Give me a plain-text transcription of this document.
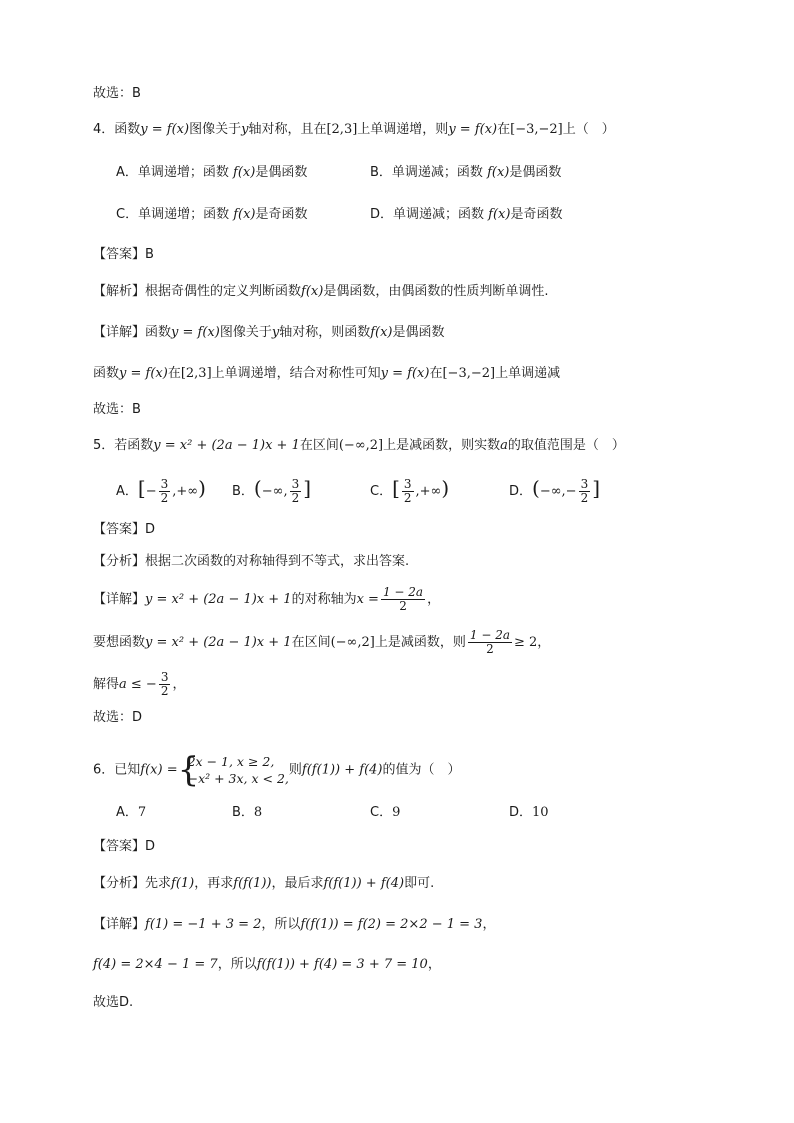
故选：B
4．函数y = f(x)图像关于y轴对称，且在[2,3]上单调递增，则y = f(x)在[−3,−2]上（　）
A．单调递增；函数 f(x)是偶函数	B．单调递减；函数 f(x)是偶函数
C．单调递增；函数 f(x)是奇函数	D．单调递减；函数 f(x)是奇函数
【答案】B
【解析】根据奇偶性的定义判断函数f(x)是偶函数，由偶函数的性质判断单调性.
【详解】函数y = f(x)图像关于y轴对称，则函数f(x)是偶函数
函数y = f(x)在[2,3]上单调递增，结合对称性可知y = f(x)在[−3,−2]上单调递减
故选：B
5．若函数y = x² + (2a − 1)x + 1在区间(−∞,2]上是减函数，则实数a的取值范围是（　）
A．[− $\frac{3}{2}$ ,+∞) B．(−∞, $\frac{3}{2}$ ]	C．[ $\frac{3}{2}$ ,+∞)	D．(−∞,− $\frac{3}{2}$ ]
【答案】D
【分析】根据二次函数的对称轴得到不等式，求出答案.
【详解】y = x² + (2a − 1)x + 1的对称轴为$x = \frac{1 - 2a}{2}$ ，
要想函数y = x² + (2a − 1)x + 1在区间(−∞,2]上是减函数，则 $\frac{1 - 2a}{2} \ge 2$，
解得a ≤ − $\frac{3}{2}$ ，
故选：D
6．已知f(x) = {
2x − 1, x ≥ 2,
−x² + 3x, x < 2,
则f(f(1)) + f(4)的值为（　）
A．7	B．8	C．9	D．10
【答案】D
【分析】先求f(1)，再求f(f(1))，最后求f(f(1)) + f(4)即可.
【详解】f(1) = −1 + 3 = 2，所以f(f(1)) = f(2) = 2×2 − 1 = 3，
f(4) = 2×4 − 1 = 7，所以f(f(1)) + f(4) = 3 + 7 = 10，
故选D.
